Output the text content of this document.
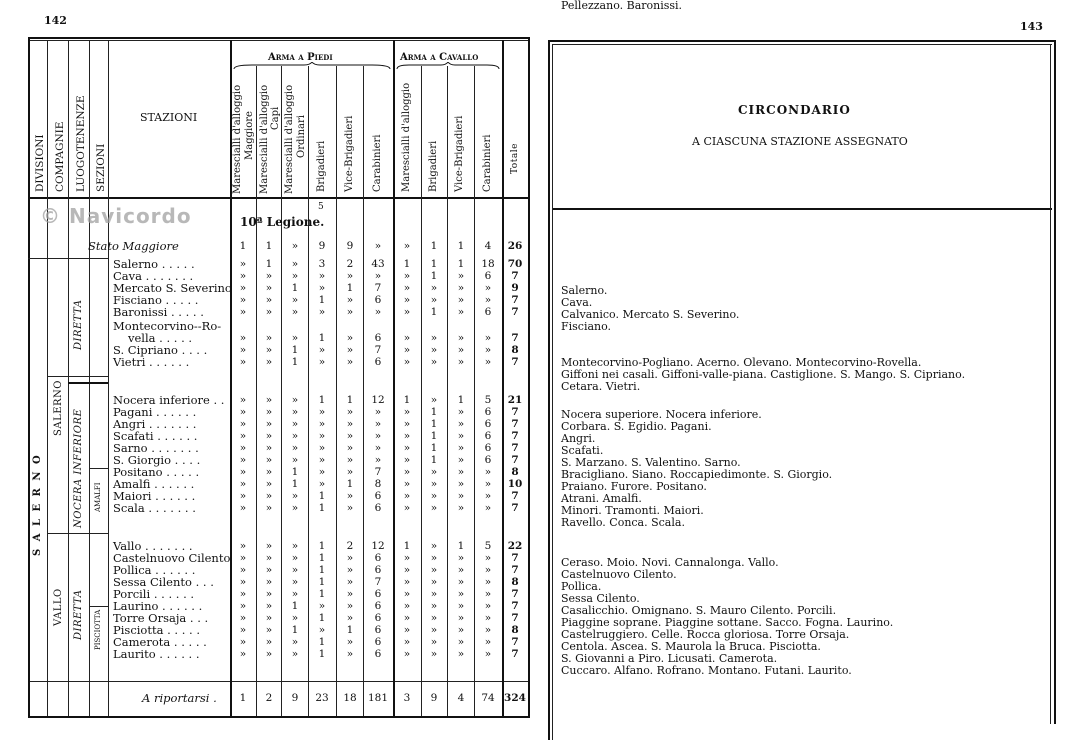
142	143
DIVISIONI COMPAGNIE LUOGOTENENZE SEZIONI
STAZIONI
Arma a Piedi	Arma a Cavallo
Marescialli d'alloggio Maggiore Marescialli d'alloggio Capi Marescialli d'alloggio Ordinari
Brigadieri Vice-Brigadieri Carabinieri Marescialli d'alloggio Brigadieri Vice-Brigadieri Carabinieri Totale
5
10ª Legione.
© Navicordo
S A L E R N O
SALERNO
VALLO
DIRETTA
NOCERA INFERIORE
DIRETTA
AMALFI
PISCIOTTA
Stato Maggiore	1	1	»	9	9	»	»	1	1	4	26
Salerno . . . . .	»	1	»	3	2	43	1	1	1	18	70
Cava . . . . . . .	»	»	»	»	»	»	»	1	»	6	7
Mercato S. Severino »	»	1	»	1	7	»	»	»	»	9
Fisciano . . . . .	»	»	»	1	»	6	»	»	»	»	7
Baronissi . . . . .	»	»	»	»	»	»	»	1	»	6	7
Montecorvino--Ro-
vella . . . . .	»	»	»	1	»	6	»	»	»	»	7
S. Cipriano . . . .	»	»	1	»	»	7	»	»	»	»	8
Vietri . . . . . .	»	»	1	»	»	6	»	»	»	»	7
Nocera inferiore . .	»	»	»	1	1	12	1	»	1	5	21
Pagani . . . . . .	»	»	»	»	»	»	»	1	»	6	7
Angri . . . . . . .	»	»	»	»	»	»	»	1	»	6	7
Scafati . . . . . .	»	»	»	»	»	»	»	1	»	6	7
Sarno . . . . . . .	»	»	»	»	»	»	»	1	»	6	7
S. Giorgio . . . .	»	»	»	»	»	»	»	1	»	6	7
Positano . . . . .	»	»	1	»	»	7	»	»	»	»	8
Amalfi . . . . . .	»	»	1	»	1	8	»	»	»	»	10
Maiori . . . . . .	»	»	»	1	»	6	»	»	»	»	7
Scala . . . . . . .	»	»	»	1	»	6	»	»	»	»	7
Vallo . . . . . . .	»	»	»	1	2	12	1	»	1	5	22
Castelnuovo Cilento »	»	»	1	»	6	»	»	»	»	7
Pollica . . . . . .	»	»	»	1	»	6	»	»	»	»	7
Sessa Cilento . . .	»	»	»	1	»	7	»	»	»	»	8
Porcili . . . . . .	»	»	»	1	»	6	»	»	»	»	7
Laurino . . . . . .	»	»	1	»	»	6	»	»	»	»	7
Torre Orsaja . . .	»	»	»	1	»	6	»	»	»	»	7
Pisciotta . . . . .	»	»	1	»	1	6	»	»	»	»	8
Camerota . . . . .	»	»	»	1	»	6	»	»	»	»	7
Laurito . . . . . .	»	»	»	1	»	6	»	»	»	»	7
A riportarsi .	1	2	9	23	18	181	3	9	4	74 324
CIRCONDARIO
A CIASCUNA STAZIONE ASSEGNATO
Salerno.
Cava.
Calvanico. Mercato S. Severino.
Fisciano.
Pellezzano. Baronissi.
Montecorvino-Pogliano. Acerno. Olevano. Montecorvino-Rovella.
Giffoni nei casali. Giffoni-valle-piana. Castiglione. S. Mango. S. Cipriano.
Cetara. Vietri.
Nocera superiore. Nocera inferiore.
Corbara. S. Egidio. Pagani.
Angri.
Scafati.
S. Marzano. S. Valentino. Sarno.
Bracigliano. Siano. Roccapiedimonte. S. Giorgio.
Praiano. Furore. Positano.
Atrani. Amalfi.
Minori. Tramonti. Maiori.
Ravello. Conca. Scala.
Ceraso. Moio. Novi. Cannalonga. Vallo.
Castelnuovo Cilento.
Pollica.
Sessa Cilento.
Casalicchio. Omignano. S. Mauro Cilento. Porcili.
Piaggine soprane. Piaggine sottane. Sacco. Fogna. Laurino.
Castelruggiero. Celle. Rocca gloriosa. Torre Orsaja.
Centola. Ascea. S. Maurola la Bruca. Pisciotta.
S. Giovanni a Piro. Licusati. Camerota.
Cuccaro. Alfano. Rofrano. Montano. Futani. Laurito.
